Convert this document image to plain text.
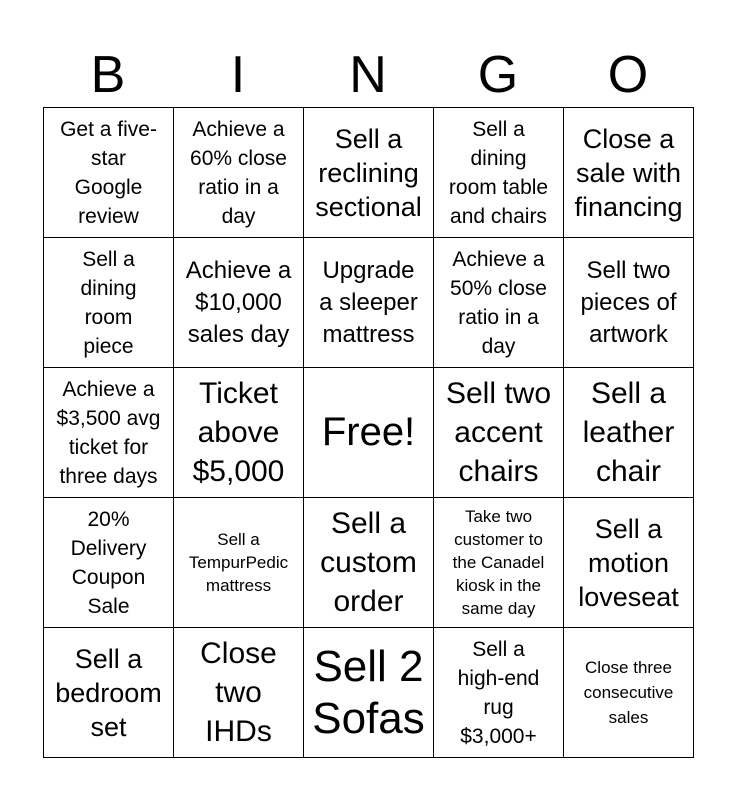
B	I	N	G	O
Get a five-
star
Google
review	Achieve a
60% close
ratio in a
day	Sell a
reclining
sectional	Sell a
dining
room table
and chairs	Close a
sale with
financing

Sell a
dining
room
piece	Achieve a
$10,000
sales day	Upgrade
a sleeper
mattress	Achieve a
50% close
ratio in a
day	Sell two
pieces of
artwork

Achieve a
$3,500 avg
ticket for
three days	Ticket
above
$5,000	Free!	Sell two
accent
chairs	Sell a
leather
chair

20%
Delivery
Coupon
Sale	Sell a
TempurPedic
mattress	Sell a
custom
order	Take two
customer to
the Canadel
kiosk in the
same day	Sell a
motion
loveseat

Sell a
bedroom
set	Close
two
IHDs	Sell 2
Sofas	Sell a
high-end
rug
$3,000+	Close three
consecutive
sales
